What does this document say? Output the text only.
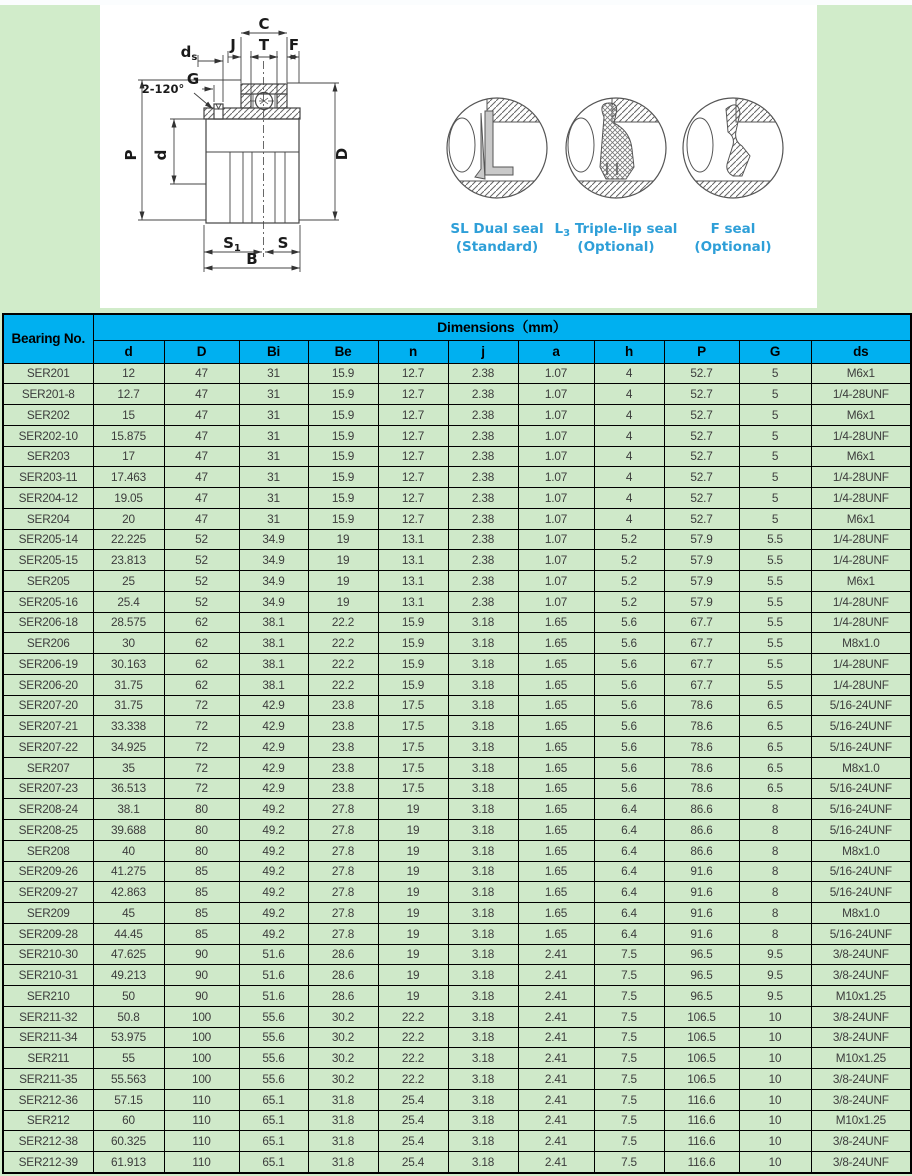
C
J T F
$d_s$
G
2-120°
P d	D
$S_1$ S
B
SL Dual seal
(Standard)
$L_3$ Triple-lip seal
(Optional)
F seal
(Optional)
Bearing No.	Dimensions（mm）										
	d	D	Bi	Be	n	j	a	h	P	G	ds
SER201	12	47	31	15.9	12.7	2.38	1.07	4	52.7	5	M6x1
SER201-8	12.7	47	31	15.9	12.7	2.38	1.07	4	52.7	5	1/4-28UNF
SER202	15	47	31	15.9	12.7	2.38	1.07	4	52.7	5	M6x1
SER202-10	15.875	47	31	15.9	12.7	2.38	1.07	4	52.7	5	1/4-28UNF
SER203	17	47	31	15.9	12.7	2.38	1.07	4	52.7	5	M6x1
SER203-11	17.463	47	31	15.9	12.7	2.38	1.07	4	52.7	5	1/4-28UNF
SER204-12	19.05	47	31	15.9	12.7	2.38	1.07	4	52.7	5	1/4-28UNF
SER204	20	47	31	15.9	12.7	2.38	1.07	4	52.7	5	M6x1
SER205-14	22.225	52	34.9	19	13.1	2.38	1.07	5.2	57.9	5.5	1/4-28UNF
SER205-15	23.813	52	34.9	19	13.1	2.38	1.07	5.2	57.9	5.5	1/4-28UNF
SER205	25	52	34.9	19	13.1	2.38	1.07	5.2	57.9	5.5	M6x1
SER205-16	25.4	52	34.9	19	13.1	2.38	1.07	5.2	57.9	5.5	1/4-28UNF
SER206-18	28.575	62	38.1	22.2	15.9	3.18	1.65	5.6	67.7	5.5	1/4-28UNF
SER206	30	62	38.1	22.2	15.9	3.18	1.65	5.6	67.7	5.5	M8x1.0
SER206-19	30.163	62	38.1	22.2	15.9	3.18	1.65	5.6	67.7	5.5	1/4-28UNF
SER206-20	31.75	62	38.1	22.2	15.9	3.18	1.65	5.6	67.7	5.5	1/4-28UNF
SER207-20	31.75	72	42.9	23.8	17.5	3.18	1.65	5.6	78.6	6.5	5/16-24UNF
SER207-21	33.338	72	42.9	23.8	17.5	3.18	1.65	5.6	78.6	6.5	5/16-24UNF
SER207-22	34.925	72	42.9	23.8	17.5	3.18	1.65	5.6	78.6	6.5	5/16-24UNF
SER207	35	72	42.9	23.8	17.5	3.18	1.65	5.6	78.6	6.5	M8x1.0
SER207-23	36.513	72	42.9	23.8	17.5	3.18	1.65	5.6	78.6	6.5	5/16-24UNF
SER208-24	38.1	80	49.2	27.8	19	3.18	1.65	6.4	86.6	8	5/16-24UNF
SER208-25	39.688	80	49.2	27.8	19	3.18	1.65	6.4	86.6	8	5/16-24UNF
SER208	40	80	49.2	27.8	19	3.18	1.65	6.4	86.6	8	M8x1.0
SER209-26	41.275	85	49.2	27.8	19	3.18	1.65	6.4	91.6	8	5/16-24UNF
SER209-27	42.863	85	49.2	27.8	19	3.18	1.65	6.4	91.6	8	5/16-24UNF
SER209	45	85	49.2	27.8	19	3.18	1.65	6.4	91.6	8	M8x1.0
SER209-28	44.45	85	49.2	27.8	19	3.18	1.65	6.4	91.6	8	5/16-24UNF
SER210-30	47.625	90	51.6	28.6	19	3.18	2.41	7.5	96.5	9.5	3/8-24UNF
SER210-31	49.213	90	51.6	28.6	19	3.18	2.41	7.5	96.5	9.5	3/8-24UNF
SER210	50	90	51.6	28.6	19	3.18	2.41	7.5	96.5	9.5	M10x1.25
SER211-32	50.8	100	55.6	30.2	22.2	3.18	2.41	7.5	106.5	10	3/8-24UNF
SER211-34	53.975	100	55.6	30.2	22.2	3.18	2.41	7.5	106.5	10	3/8-24UNF
SER211	55	100	55.6	30.2	22.2	3.18	2.41	7.5	106.5	10	M10x1.25
SER211-35	55.563	100	55.6	30.2	22.2	3.18	2.41	7.5	106.5	10	3/8-24UNF
SER212-36	57.15	110	65.1	31.8	25.4	3.18	2.41	7.5	116.6	10	3/8-24UNF
SER212	60	110	65.1	31.8	25.4	3.18	2.41	7.5	116.6	10	M10x1.25
SER212-38	60.325	110	65.1	31.8	25.4	3.18	2.41	7.5	116.6	10	3/8-24UNF
SER212-39	61.913	110	65.1	31.8	25.4	3.18	2.41	7.5	116.6	10	3/8-24UNF
